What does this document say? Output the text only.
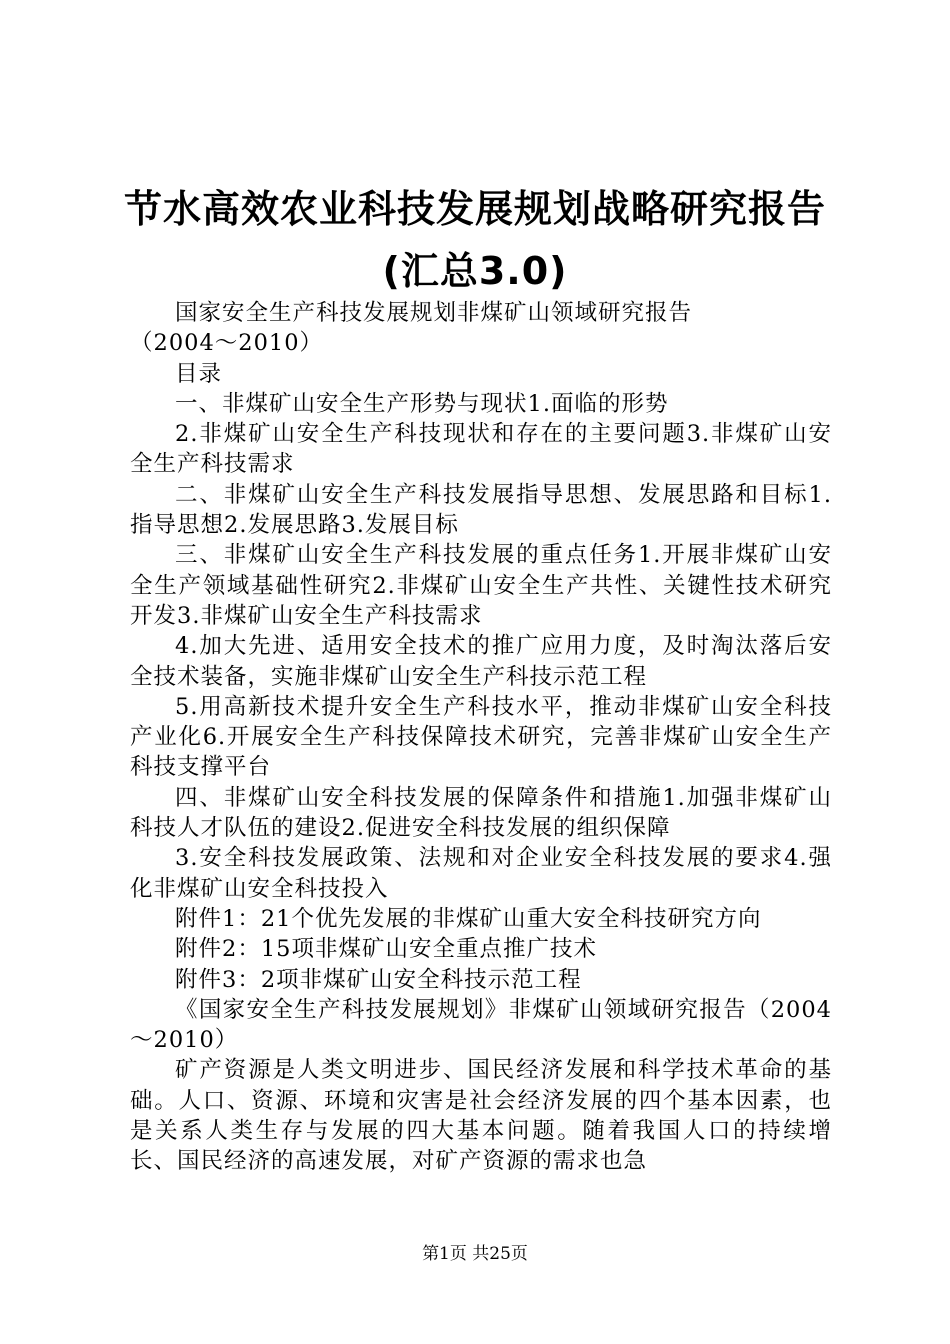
节水高效农业科技发展规划战略研究报告(汇总3.0)

国家安全生产科技发展规划非煤矿山领域研究报告

（2004～2010）

目录

一、非煤矿山安全生产形势与现状1.面临的形势

2.非煤矿山安全生产科技现状和存在的主要问题3.非煤矿山安全生产科技需求

二、非煤矿山安全生产科技发展指导思想、发展思路和目标1.指导思想2.发展思路3.发展目标

三、非煤矿山安全生产科技发展的重点任务1.开展非煤矿山安全生产领域基础性研究2.非煤矿山安全生产共性、关键性技术研究开发3.非煤矿山安全生产科技需求

4.加大先进、适用安全技术的推广应用力度，及时淘汰落后安全技术装备，实施非煤矿山安全生产科技示范工程

5.用高新技术提升安全生产科技水平，推动非煤矿山安全科技产业化6.开展安全生产科技保障技术研究，完善非煤矿山安全生产科技支撑平台

四、非煤矿山安全科技发展的保障条件和措施1.加强非煤矿山科技人才队伍的建设2.促进安全科技发展的组织保障

3.安全科技发展政策、法规和对企业安全科技发展的要求4.强化非煤矿山安全科技投入

附件1：21个优先发展的非煤矿山重大安全科技研究方向

附件2：15项非煤矿山安全重点推广技术

附件3：2项非煤矿山安全科技示范工程

《国家安全生产科技发展规划》非煤矿山领域研究报告（2004～2010）

矿产资源是人类文明进步、国民经济发展和科学技术革命的基础。人口、资源、环境和灾害是社会经济发展的四个基本因素，也是关系人类生存与发展的四大基本问题。随着我国人口的持续增长、国民经济的高速发展，对矿产资源的需求也急

第1页 共25页
